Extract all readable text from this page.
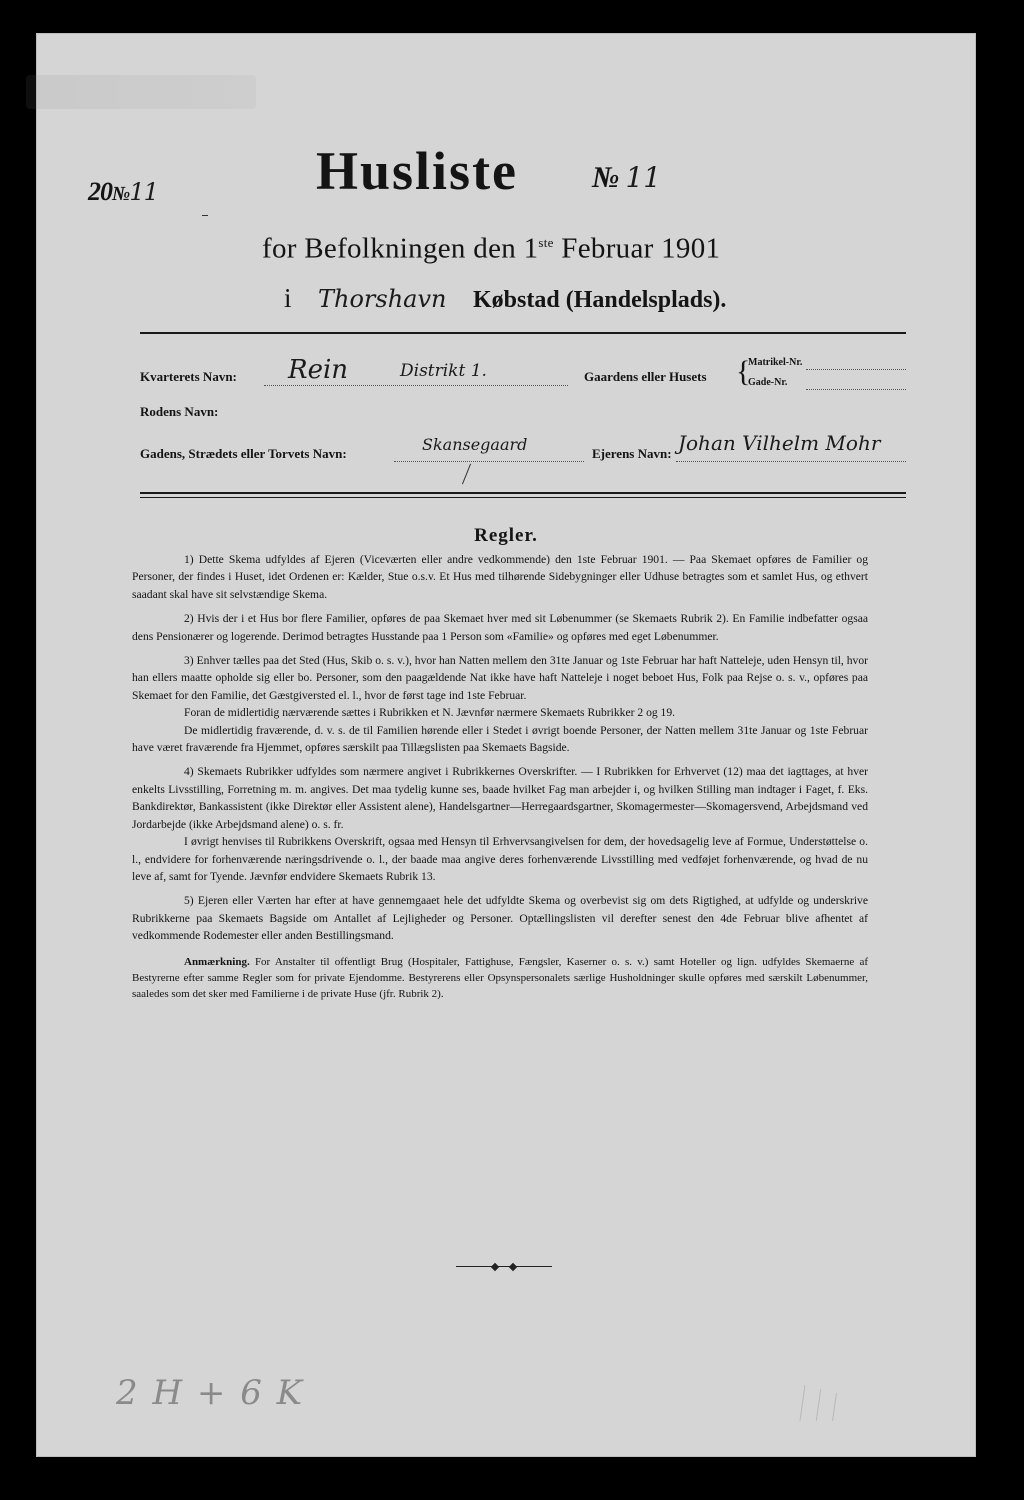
20№11	Husliste № 11
for Befolkningen den 1ste Februar 1901
i Thorshavn Købstad (Handelsplads).
Kvarterets Navn: Rein	Distrikt 1.	Gaardens eller Husets {
Matrikel-Nr.
Gade-Nr.
Rodens Navn:
Gadens, Strædets eller Torvets Navn:	Skansegaard	Ejerens Navn: Johan Vilhelm Mohr
Regler.

1) Dette Skema udfyldes af Ejeren (Viceværten eller andre vedkommende) den 1ste Februar 1901. — Paa Skemaet opføres de Familier og Personer, der findes i Huset, idet Ordenen er: Kælder, Stue o.s.v. Et Hus med tilhørende Sidebygninger eller Udhuse betragtes som et samlet Hus, og ethvert saadant skal have sit selvstændige Skema.

2) Hvis der i et Hus bor flere Familier, opføres de paa Skemaet hver med sit Løbenummer (se Skemaets Rubrik 2). En Familie indbefatter ogsaa dens Pensionærer og logerende. Derimod betragtes Husstande paa 1 Person som «Familie» og opføres med eget Løbenummer.

3) Enhver tælles paa det Sted (Hus, Skib o. s. v.), hvor han Natten mellem den 31te Januar og 1ste Februar har haft Natteleje, uden Hensyn til, hvor han ellers maatte opholde sig eller bo. Personer, som den paagældende Nat ikke have haft Natteleje i noget beboet Hus, Folk paa Rejse o. s. v., opføres paa Skemaet for den Familie, det Gæstgiversted el. l., hvor de først tage ind 1ste Februar.

Foran de midlertidig nærværende sættes i Rubrikken et N. Jævnfør nærmere Skemaets Rubrikker 2 og 19.

De midlertidig fraværende, d. v. s. de til Familien hørende eller i Stedet i øvrigt boende Personer, der Natten mellem 31te Januar og 1ste Februar have været fraværende fra Hjemmet, opføres særskilt paa Tillægslisten paa Skemaets Bagside.

4) Skemaets Rubrikker udfyldes som nærmere angivet i Rubrikkernes Overskrifter. — I Rubrikken for Erhvervet (12) maa det iagttages, at hver enkelts Livsstilling, Forretning m. m. angives. Det maa tydelig kunne ses, baade hvilket Fag man arbejder i, og hvilken Stilling man indtager i Faget, f. Eks. Bankdirektør, Bankassistent (ikke Direktør eller Assistent alene), Handelsgartner—Herregaardsgartner, Skomagermester—Skomagersvend, Arbejdsmand ved Jordarbejde (ikke Arbejdsmand alene) o. s. fr.

I øvrigt henvises til Rubrikkens Overskrift, ogsaa med Hensyn til Erhvervsangivelsen for dem, der hovedsagelig leve af Formue, Understøttelse o. l., endvidere for forhenværende næringsdrivende o. l., der baade maa angive deres forhenværende Livsstilling med vedføjet forhenværende, og hvad de nu leve af, samt for Tyende. Jævnfør endvidere Skemaets Rubrik 13.

5) Ejeren eller Værten har efter at have gennemgaaet hele det udfyldte Skema og overbevist sig om dets Rigtighed, at udfylde og underskrive Rubrikkerne paa Skemaets Bagside om Antallet af Lejligheder og Personer. Optællingslisten vil derefter senest den 4de Februar blive afhentet af vedkommende Rodemester eller anden Bestillingsmand.

Anmærkning. For Anstalter til offentligt Brug (Hospitaler, Fattighuse, Fængsler, Kaserner o. s. v.) samt Hoteller og lign. udfyldes Skemaerne af Bestyrerne efter samme Regler som for private Ejendomme. Bestyrerens eller Opsynspersonalets særlige Husholdninger skulle opføres med særskilt Løbenummer, saaledes som det sker med Familierne i de private Huse (jfr. Rubrik 2).

2 H + 6 K
